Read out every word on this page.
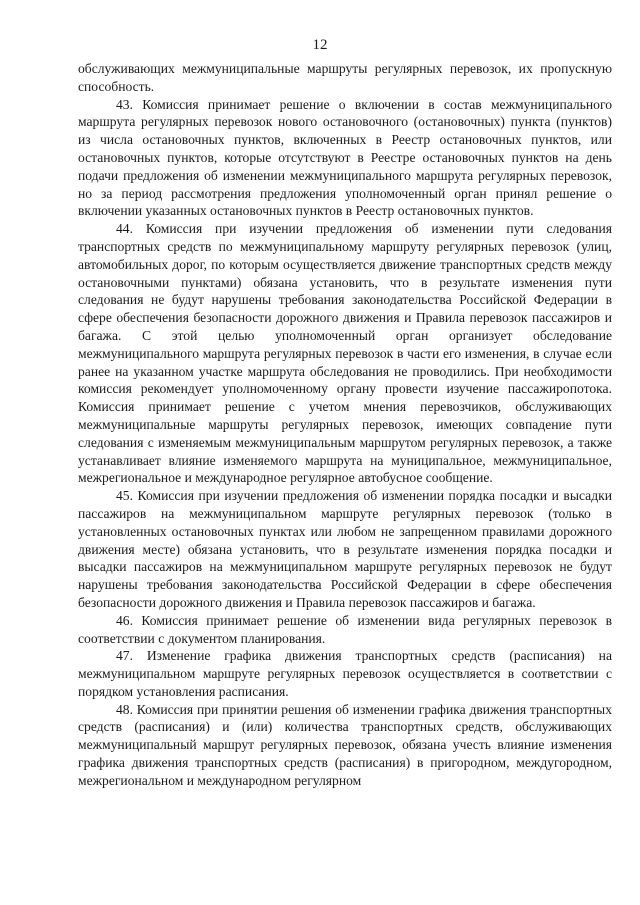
12

обслуживающих межмуниципальные маршруты регулярных перевозок, их пропускную способность.

43. Комиссия принимает решение о включении в состав межмуниципального маршрута регулярных перевозок нового остановочного (остановочных) пункта (пунктов) из числа остановочных пунктов, включенных в Реестр остановочных пунктов, или остановочных пунктов, которые отсутствуют в Реестре остановочных пунктов на день подачи предложения об изменении межмуниципального маршрута регулярных перевозок, но за период рассмотрения предложения уполномоченный орган принял решение о включении указанных остановочных пунктов в Реестр остановочных пунктов.

44. Комиссия при изучении предложения об изменении пути следования транспортных средств по межмуниципальному маршруту регулярных перевозок (улиц, автомобильных дорог, по которым осуществляется движение транспортных средств между остановочными пунктами) обязана установить, что в результате изменения пути следования не будут нарушены требования законодательства Российской Федерации в сфере обеспечения безопасности дорожного движения и Правила перевозок пассажиров и багажа. С этой целью уполномоченный орган организует обследование межмуниципального маршрута регулярных перевозок в части его изменения, в случае если ранее на указанном участке маршрута обследования не проводились. При необходимости комиссия рекомендует уполномоченному органу провести изучение пассажиропотока. Комиссия принимает решение с учетом мнения перевозчиков, обслуживающих межмуниципальные маршруты регулярных перевозок, имеющих совпадение пути следования с изменяемым межмуниципальным маршрутом регулярных перевозок, а также устанавливает влияние изменяемого маршрута на муниципальное, межмуниципальное, межрегиональное и международное регулярное автобусное сообщение.

45. Комиссия при изучении предложения об изменении порядка посадки и высадки пассажиров на межмуниципальном маршруте регулярных перевозок (только в установленных остановочных пунктах или любом не запрещенном правилами дорожного движения месте) обязана установить, что в результате изменения порядка посадки и высадки пассажиров на межмуниципальном маршруте регулярных перевозок не будут нарушены требования законодательства Российской Федерации в сфере обеспечения безопасности дорожного движения и Правила перевозок пассажиров и багажа.

46. Комиссия принимает решение об изменении вида регулярных перевозок в соответствии с документом планирования.

47. Изменение графика движения транспортных средств (расписания) на межмуниципальном маршруте регулярных перевозок осуществляется в соответствии с порядком установления расписания.

48. Комиссия при принятии решения об изменении графика движения транспортных средств (расписания) и (или) количества транспортных средств, обслуживающих межмуниципальный маршрут регулярных перевозок, обязана учесть влияние изменения графика движения транспортных средств (расписания) в пригородном, междугородном, межрегиональном и международном регулярном
